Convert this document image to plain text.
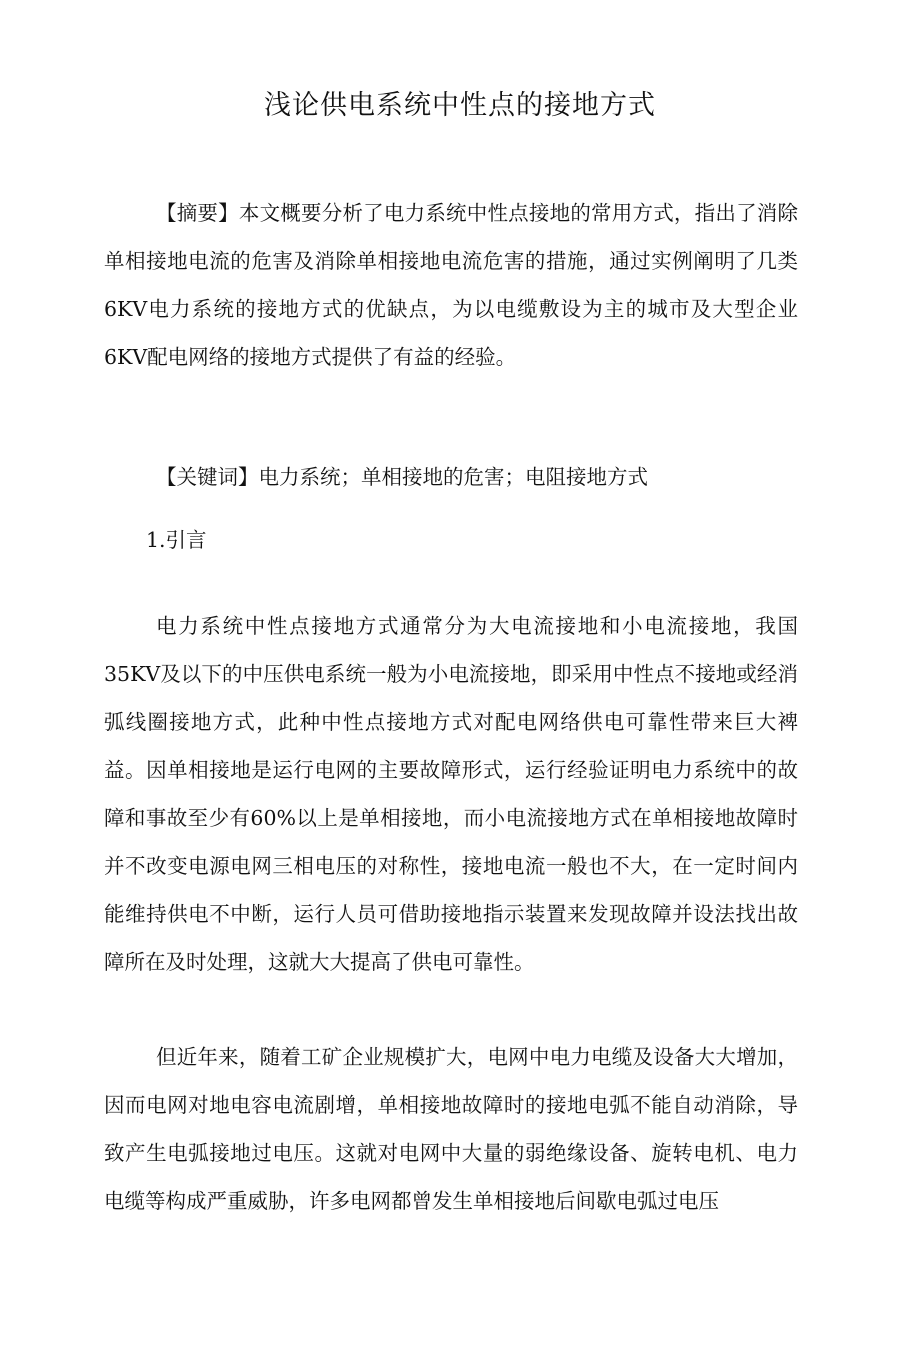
浅论供电系统中性点的接地方式

【摘要】本文概要分析了电力系统中性点接地的常用方式，指出了消除单相接地电流的危害及消除单相接地电流危害的措施，通过实例阐明了几类6KV电力系统的接地方式的优缺点，为以电缆敷设为主的城市及大型企业6KV配电网络的接地方式提供了有益的经验。

【关键词】电力系统；单相接地的危害；电阻接地方式

1.引言

电力系统中性点接地方式通常分为大电流接地和小电流接地，我国35KV及以下的中压供电系统一般为小电流接地，即采用中性点不接地或经消弧线圈接地方式，此种中性点接地方式对配电网络供电可靠性带来巨大裨益。因单相接地是运行电网的主要故障形式，运行经验证明电力系统中的故障和事故至少有60%以上是单相接地，而小电流接地方式在单相接地故障时并不改变电源电网三相电压的对称性，接地电流一般也不大，在一定时间内能维持供电不中断，运行人员可借助接地指示装置来发现故障并设法找出故障所在及时处理，这就大大提高了供电可靠性。

但近年来，随着工矿企业规模扩大，电网中电力电缆及设备大大增加，因而电网对地电容电流剧增，单相接地故障时的接地电弧不能自动消除，导致产生电弧接地过电压。这就对电网中大量的弱绝缘设备、旋转电机、电力电缆等构成严重威胁，许多电网都曾发生单相接地后间歇电弧过电压
